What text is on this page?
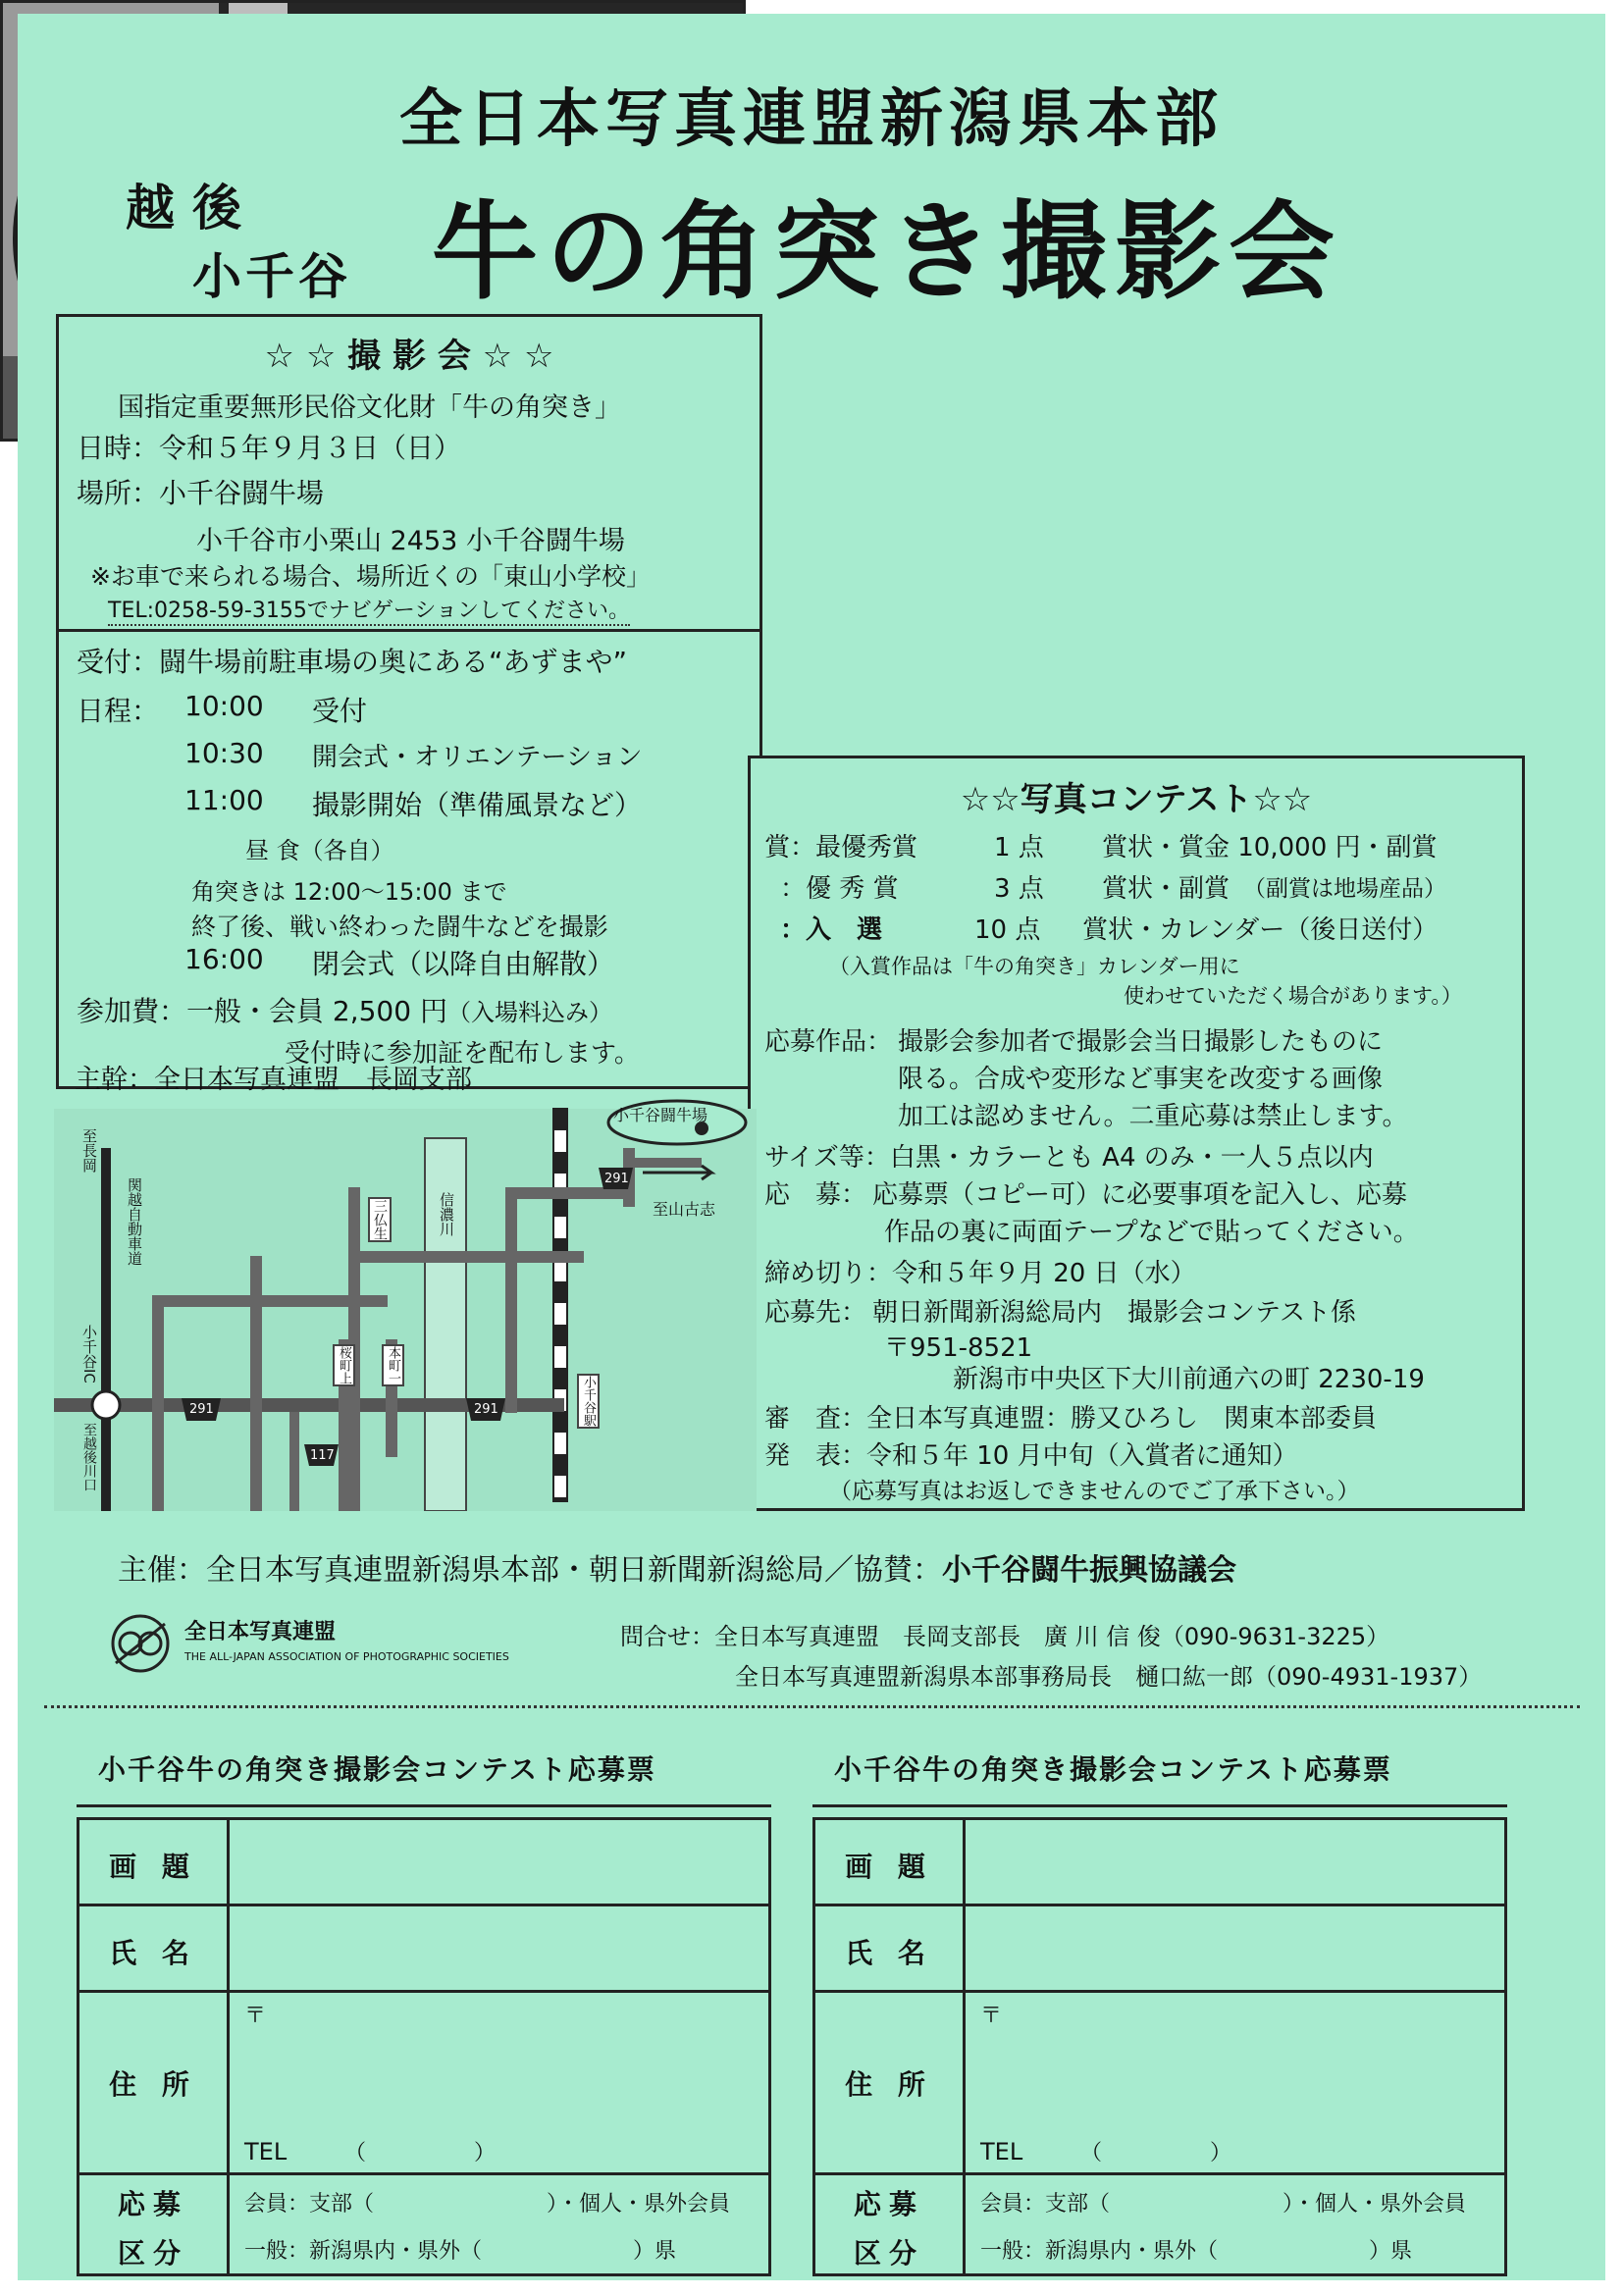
全日本写真連盟新潟県本部
越後
小千谷 牛の角突き撮影会
☆ ☆ 撮 影 会 ☆ ☆
国指定重要無形民俗文化財「牛の角突き」
日時：令和５年９月３日（日）
場所：小千谷闘牛場
小千谷市小栗山 2453 小千谷闘牛場
※お車で来られる場合、場所近くの「東山小学校」
TEL:0258-59-3155でナビゲーションしてください。
受付：闘牛場前駐車場の奥にある“あずまや”
日程： 10:00 受付
10:30 開会式・オリエンテーション
11:00 撮影開始（準備風景など）
昼 食（各自）
角突きは 12:00〜15:00 まで
終了後、戦い終わった闘牛などを撮影
16:00 閉会式（以降自由解散）
参加費：一般・会員 2,500 円（入場料込み）
受付時に参加証を配布します。
主幹：全日本写真連盟　長岡支部
☆☆写真コンテスト☆☆
賞：最優秀賞	1 点 賞状・賞金 10,000 円・副賞
：優 秀 賞	3 点 賞状・副賞 （副賞は地場産品）
：入　選	10 点 賞状・カレンダー（後日送付）
（入賞作品は「牛の角突き」カレンダー用に
使わせていただく場合があります。）
応募作品： 撮影会参加者で撮影会当日撮影したものに
限る。合成や変形など事実を改変する画像
加工は認めません。二重応募は禁止します。
サイズ等：白黒・カラーとも A4 のみ・一人５点以内
応　募： 応募票（コピー可）に必要事項を記入し、応募
作品の裏に両面テープなどで貼ってください。
締め切り：令和５年９月 20 日（水）
応募先： 朝日新聞新潟総局内　撮影会コンテスト係
〒951-8521
新潟市中央区下大川前通六の町 2230-19
審　査：全日本写真連盟：勝又ひろし　関東本部委員
発　表：令和５年 10 月中旬（入賞者に通知）
（応募写真はお返しできませんのでご了承下さい。）
小千谷闘牛場
至山古志
至長岡
関越自動車道
小千谷IC
至越後川口
三仏生	信濃川
桜町上	本町一
小千谷駅
291
291	291
117
主催：全日本写真連盟新潟県本部・朝日新聞新潟総局／協賛：小千谷闘牛振興協議会
全日本写真連盟
THE ALL-JAPAN ASSOCIATION OF PHOTOGRAPHIC SOCIETIES
問合せ：全日本写真連盟　長岡支部長　廣 川 信 俊（090-9631-3225）
全日本写真連盟新潟県本部事務局長　樋口紘一郎（090-4931-1937）
小千谷牛の角突き撮影会コンテスト応募票
画 題
氏 名
住 所
〒
TEL	（　　　　　）
応募
区分
会員：支部（　　　　　　　　）・個人・県外会員
一般：新潟県内・県外（　　　　　　　）県
小千谷牛の角突き撮影会コンテスト応募票
画 題
氏 名
住 所
〒
TEL	（　　　　　）
応募
区分
会員：支部（　　　　　　　　）・個人・県外会員
一般：新潟県内・県外（　　　　　　　）県
